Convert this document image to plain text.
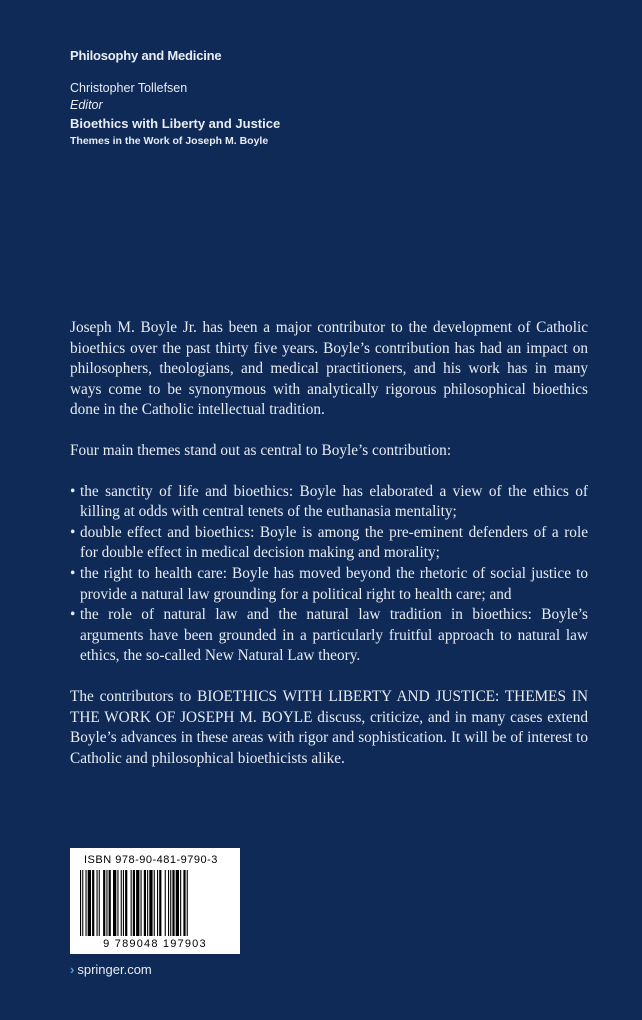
Philosophy and Medicine

Christopher Tollefsen

Editor

Bioethics with Liberty and Justice

Themes in the Work of Joseph M. Boyle

Joseph M. Boyle Jr. has been a major contributor to the development of Catholic bioethics over the past thirty five years. Boyle’s contribution has had an impact on philosophers, theologians, and medical practitioners, and his work has in many ways come to be synonymous with analytically rigorous philosophical bioethics done in the Catholic intellectual tradition.

Four main themes stand out as central to Boyle’s contribution:

• the sanctity of life and bioethics: Boyle has elaborated a view of the ethics of killing at odds with central tenets of the euthanasia mentality;
• double effect and bioethics: Boyle is among the pre-eminent defenders of a role for double effect in medical decision making and morality;
• the right to health care: Boyle has moved beyond the rhetoric of social justice to provide a natural law grounding for a political right to health care; and
• the role of natural law and the natural law tradition in bioethics: Boyle’s arguments have been grounded in a particularly fruitful approach to natural law ethics, the so-called New Natural Law theory.

The contributors to BIOETHICS WITH LIBERTY AND JUSTICE: THEMES IN THE WORK OF JOSEPH M. BOYLE discuss, criticize, and in many cases extend Boyle’s advances in these areas with rigor and sophistication. It will be of interest to Catholic and philosophical bioethicists alike.

ISBN 978-90-481-9790-3
9 789048 197903
› springer.com
